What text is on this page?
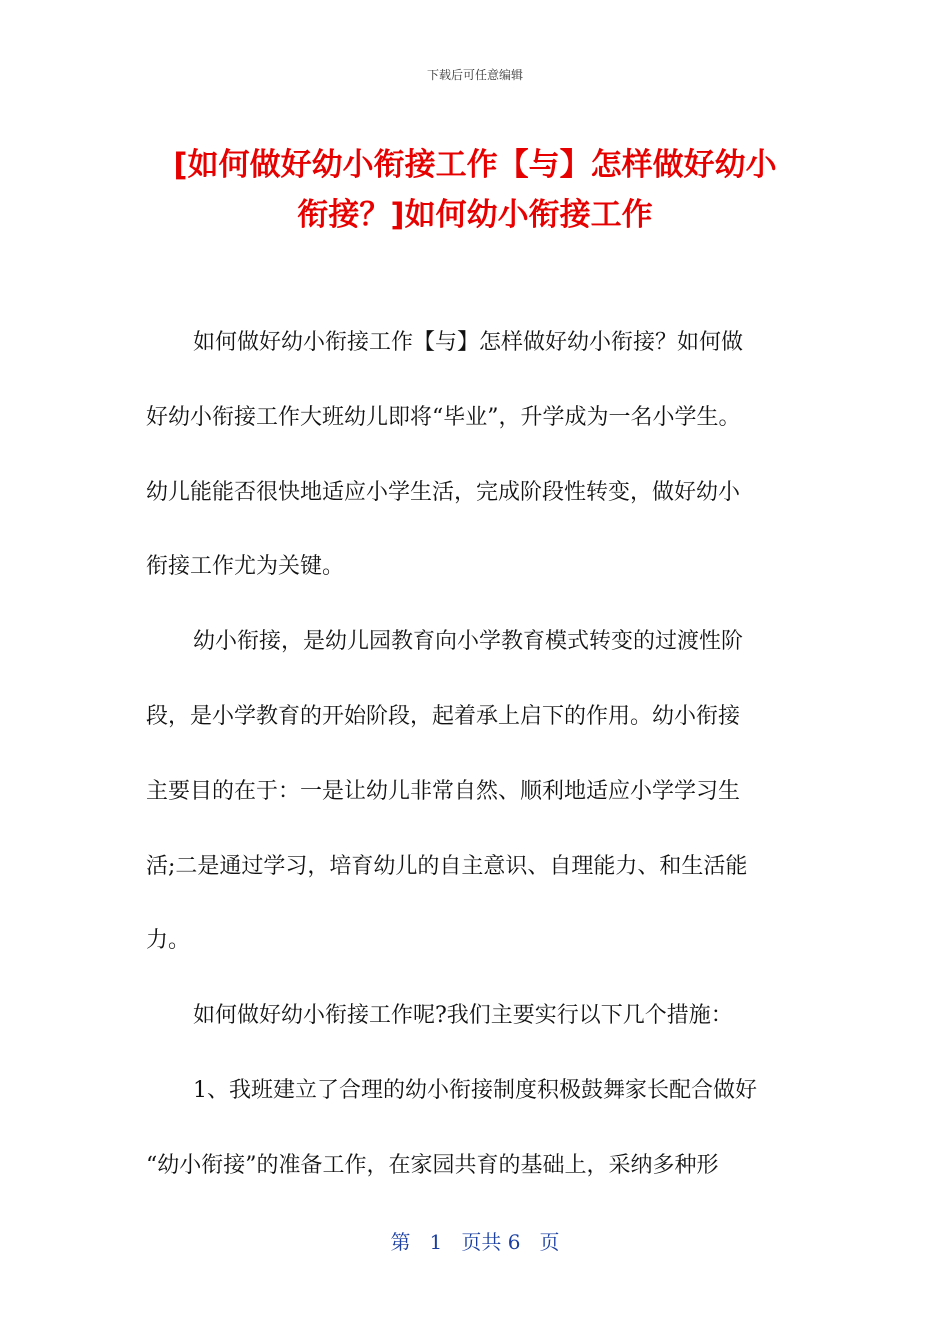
下载后可任意编辑
[如何做好幼小衔接工作【与】怎样做好幼小
衔接？]如何幼小衔接工作
如何做好幼小衔接工作【与】怎样做好幼小衔接？如何做
好幼小衔接工作大班幼儿即将“毕业”，升学成为一名小学生。
幼儿能能否很快地适应小学生活，完成阶段性转变，做好幼小
衔接工作尤为关键。
幼小衔接，是幼儿园教育向小学教育模式转变的过渡性阶
段，是小学教育的开始阶段，起着承上启下的作用。幼小衔接
主要目的在于：一是让幼儿非常自然、顺利地适应小学学习生
活;二是通过学习，培育幼儿的自主意识、自理能力、和生活能
力。
如何做好幼小衔接工作呢?我们主要实行以下几个措施：
1、我班建立了合理的幼小衔接制度积极鼓舞家长配合做好
“幼小衔接”的准备工作，在家园共育的基础上，采纳多种形
第 1 页共 6 页
